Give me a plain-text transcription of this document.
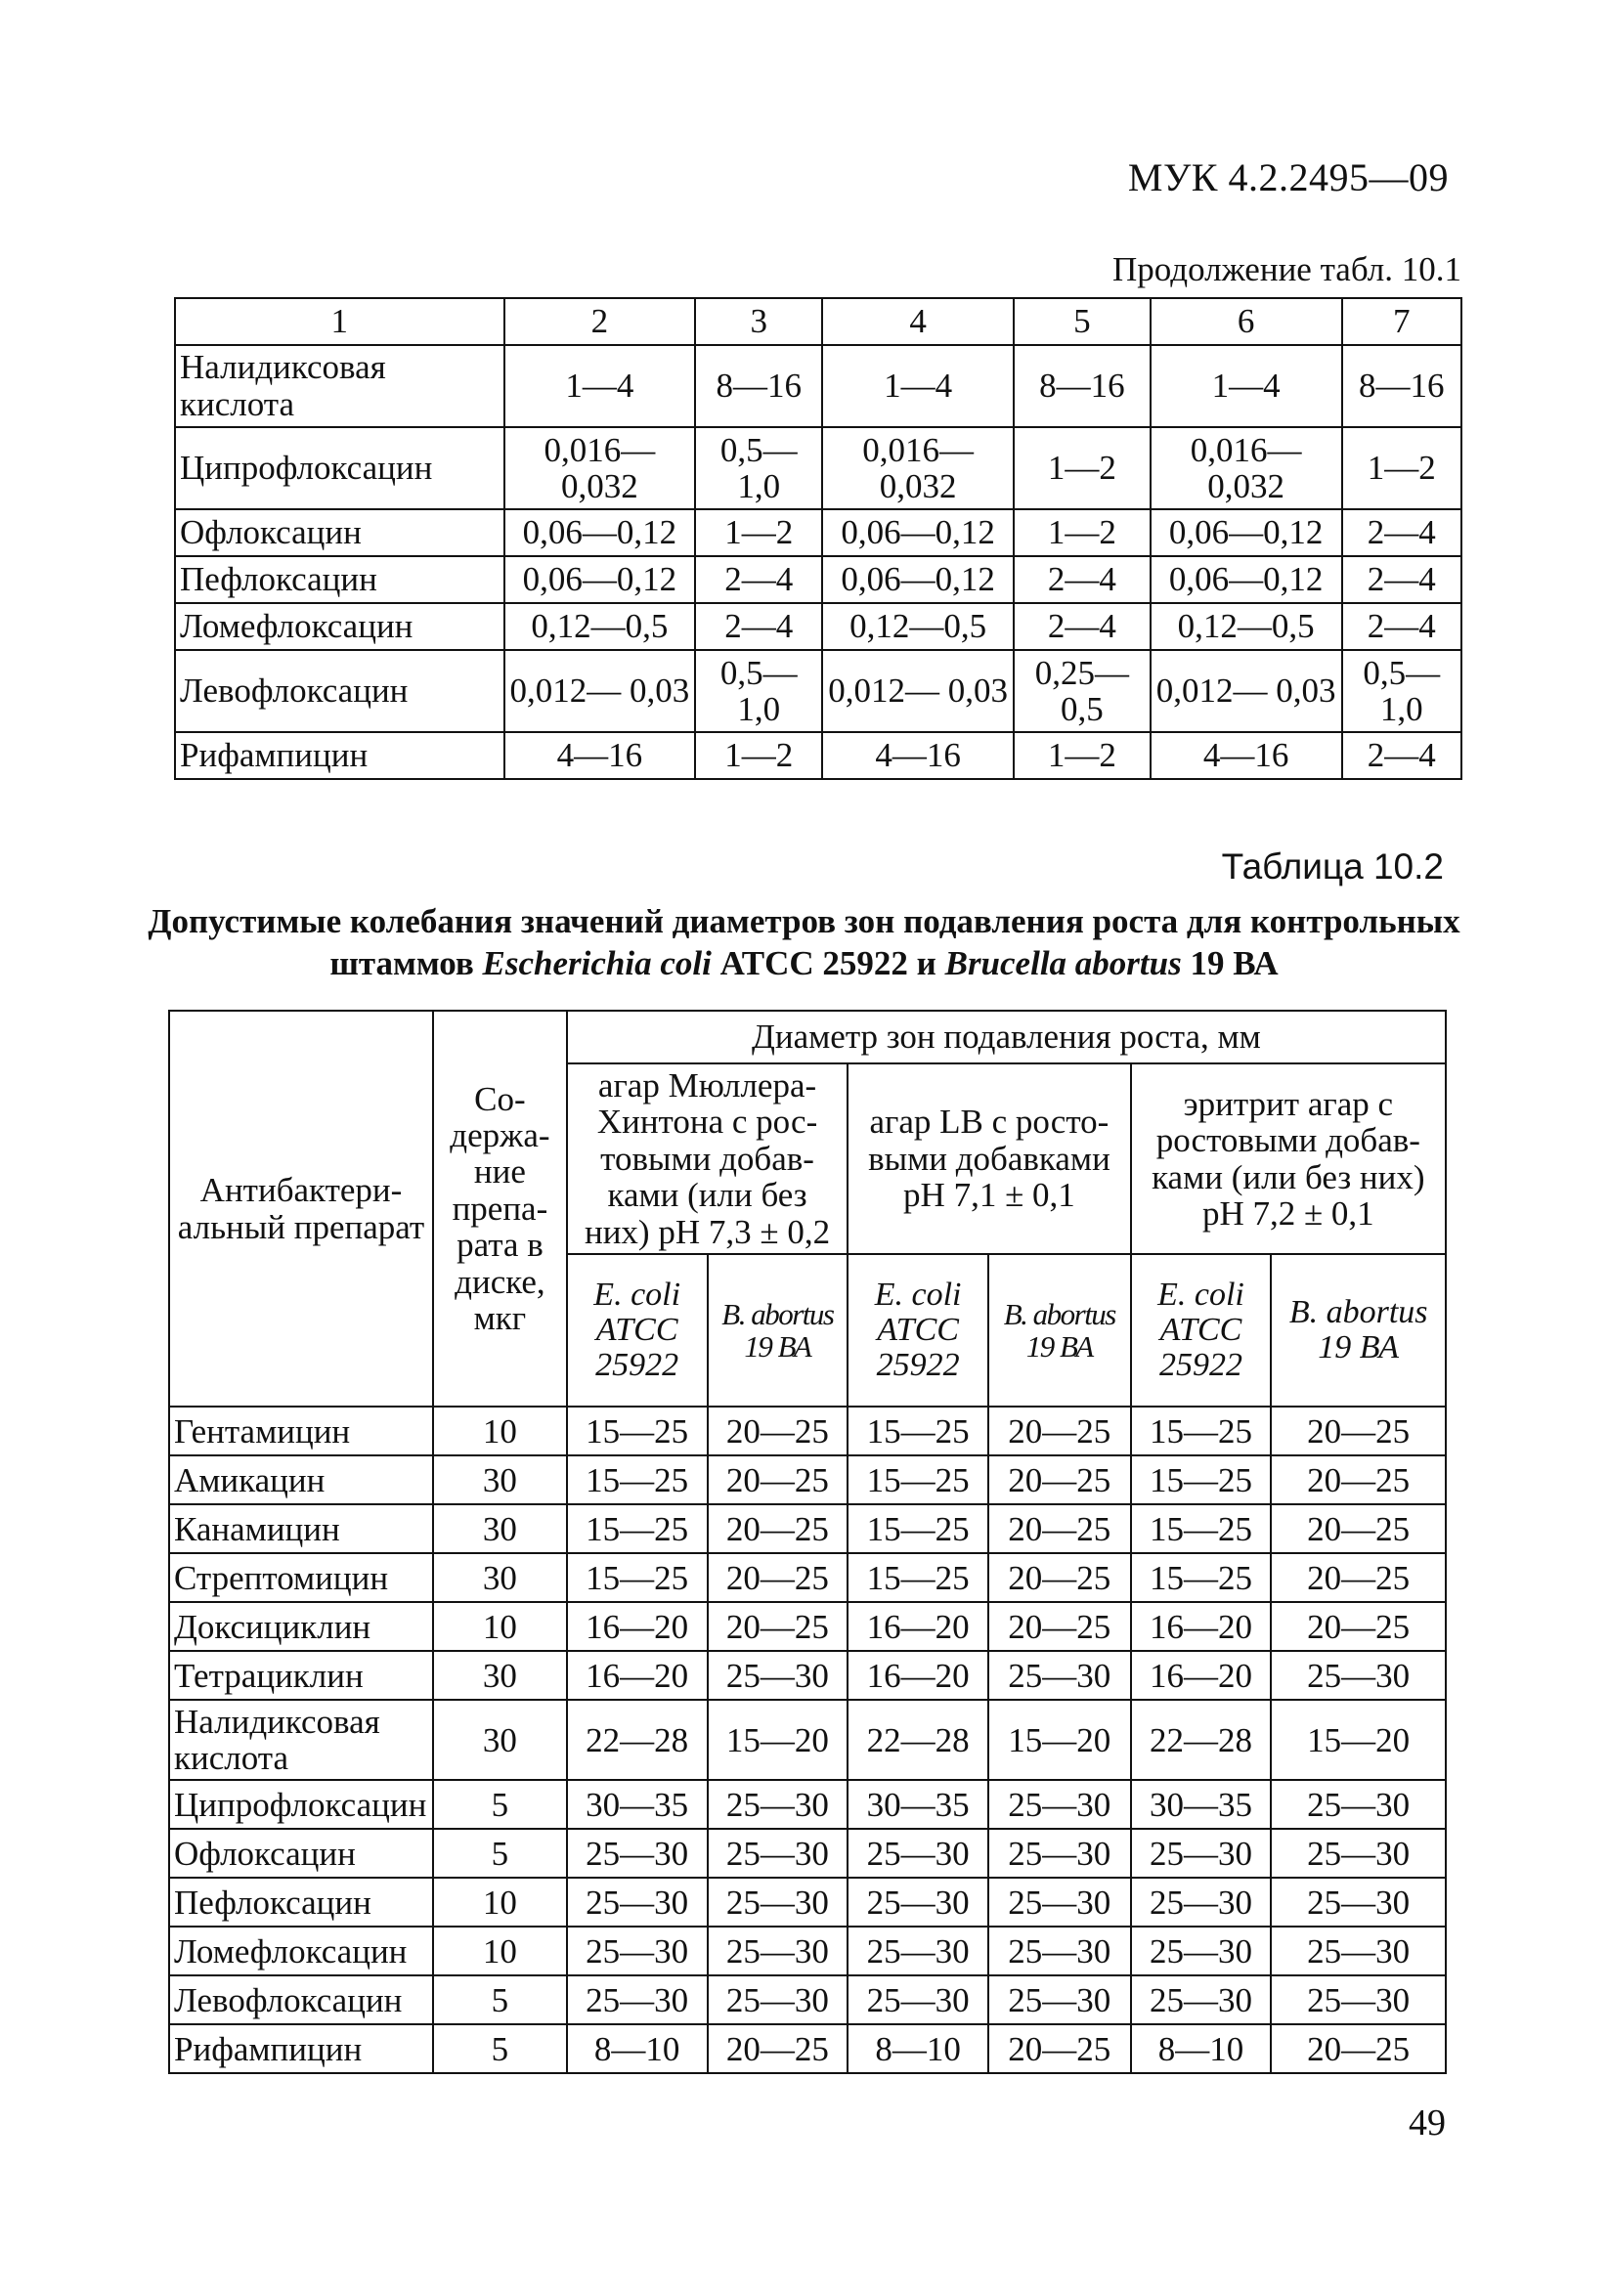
МУК 4.2.2495—09
Продолжение табл. 10.1
1	2	3	4	5	6	7
Налидиксовая кислота	1—4	8—16	1—4	8—16	1—4	8—16
Ципрофлоксацин	0,016— 0,032	0,5— 1,0	0,016— 0,032	1—2	0,016— 0,032	1—2
Офлоксацин	0,06—0,12	1—2	0,06—0,12	1—2	0,06—0,12	2—4
Пефлоксацин	0,06—0,12	2—4	0,06—0,12	2—4	0,06—0,12	2—4
Ломефлоксацин	0,12—0,5	2—4	0,12—0,5	2—4	0,12—0,5	2—4
Левофлоксацин	0,012— 0,03	0,5— 1,0	0,012— 0,03	0,25—0,5	0,012— 0,03	0,5—1,0
Рифампицин	4—16	1—2	4—16	1—2	4—16	2—4
Таблица 10.2
Допустимые колебания значений диаметров зон подавления роста для контрольных штаммов Escherichia coli АТСС 25922 и Brucella abortus 19 ВА
Антибактери- альный препарат	Со- держа- ние препа- рата в диске, мкг	Диаметр зон подавления роста, мм					
		агар Мюллера- Хинтона с рос- товыми добав- ками (или без них) рН 7,3 ± 0,2		агар LB с росто- выми добавками рН 7,1 ± 0,1		эритрит агар с ростовыми добав- ками (или без них) рН 7,2 ± 0,1	
		E. coli АТСС 25922	B. abortus 19 ВА	E. coli АТСС 25922	B. abortus 19 ВА	E. coli АТСС 25922	B. abortus 19 ВА
Гентамицин	10	15—25	20—25	15—25	20—25	15—25	20—25
Амикацин	30	15—25	20—25	15—25	20—25	15—25	20—25
Канамицин	30	15—25	20—25	15—25	20—25	15—25	20—25
Стрептомицин	30	15—25	20—25	15—25	20—25	15—25	20—25
Доксициклин	10	16—20	20—25	16—20	20—25	16—20	20—25
Тетрациклин	30	16—20	25—30	16—20	25—30	16—20	25—30
Налидиксовая кислота	30	22—28	15—20	22—28	15—20	22—28	15—20
Ципрофлоксацин	5	30—35	25—30	30—35	25—30	30—35	25—30
Офлоксацин	5	25—30	25—30	25—30	25—30	25—30	25—30
Пефлоксацин	10	25—30	25—30	25—30	25—30	25—30	25—30
Ломефлоксацин	10	25—30	25—30	25—30	25—30	25—30	25—30
Левофлоксацин	5	25—30	25—30	25—30	25—30	25—30	25—30
Рифампицин	5	8—10	20—25	8—10	20—25	8—10	20—25
49
